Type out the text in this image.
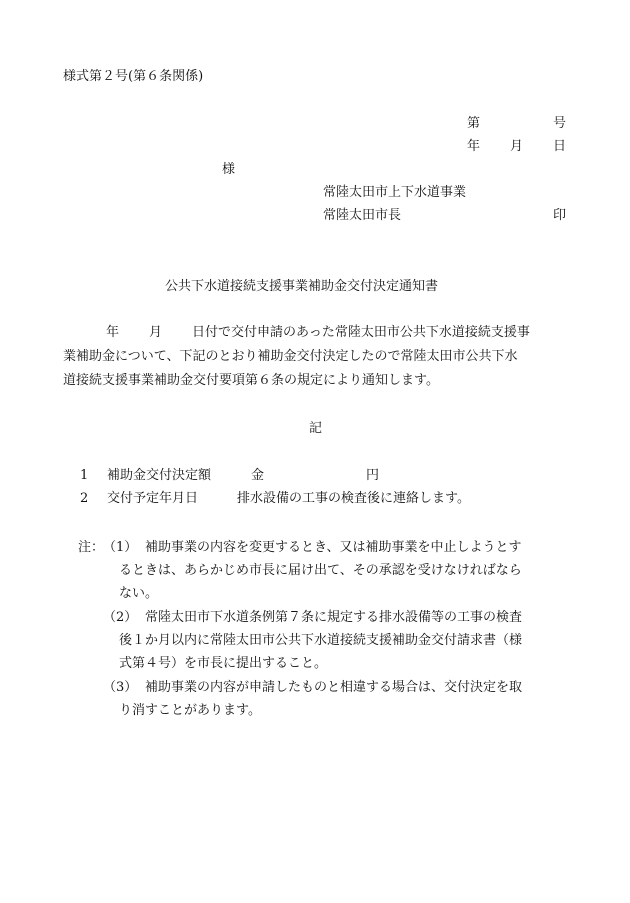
様式第２号(第６条関係)
第	号
年 月 日
様
常陸太田市上下水道事業
常陸太田市長	印
公共下水道接続支援事業補助金交付決定通知書
年 月 日付で交付申請のあった常陸太田市公共下水道接続支援事
業補助金について、下記のとおり補助金交付決定したので常陸太田市公共下水
道接続支援事業補助金交付要項第６条の規定により通知します。
記
1 補助金交付決定額	金	円
2 交付予定年月日	排水設備の工事の検査後に連絡します。
注：
（1） 補助事業の内容を変更するとき、又は補助事業を中止しようとす
るときは、あらかじめ市長に届け出て、その承認を受けなければなら
ない。
（2） 常陸太田市下水道条例第７条に規定する排水設備等の工事の検査
後１か月以内に常陸太田市公共下水道接続支援補助金交付請求書（様
式第４号）を市長に提出すること。
（3） 補助事業の内容が申請したものと相違する場合は、交付決定を取
り消すことがあります。
